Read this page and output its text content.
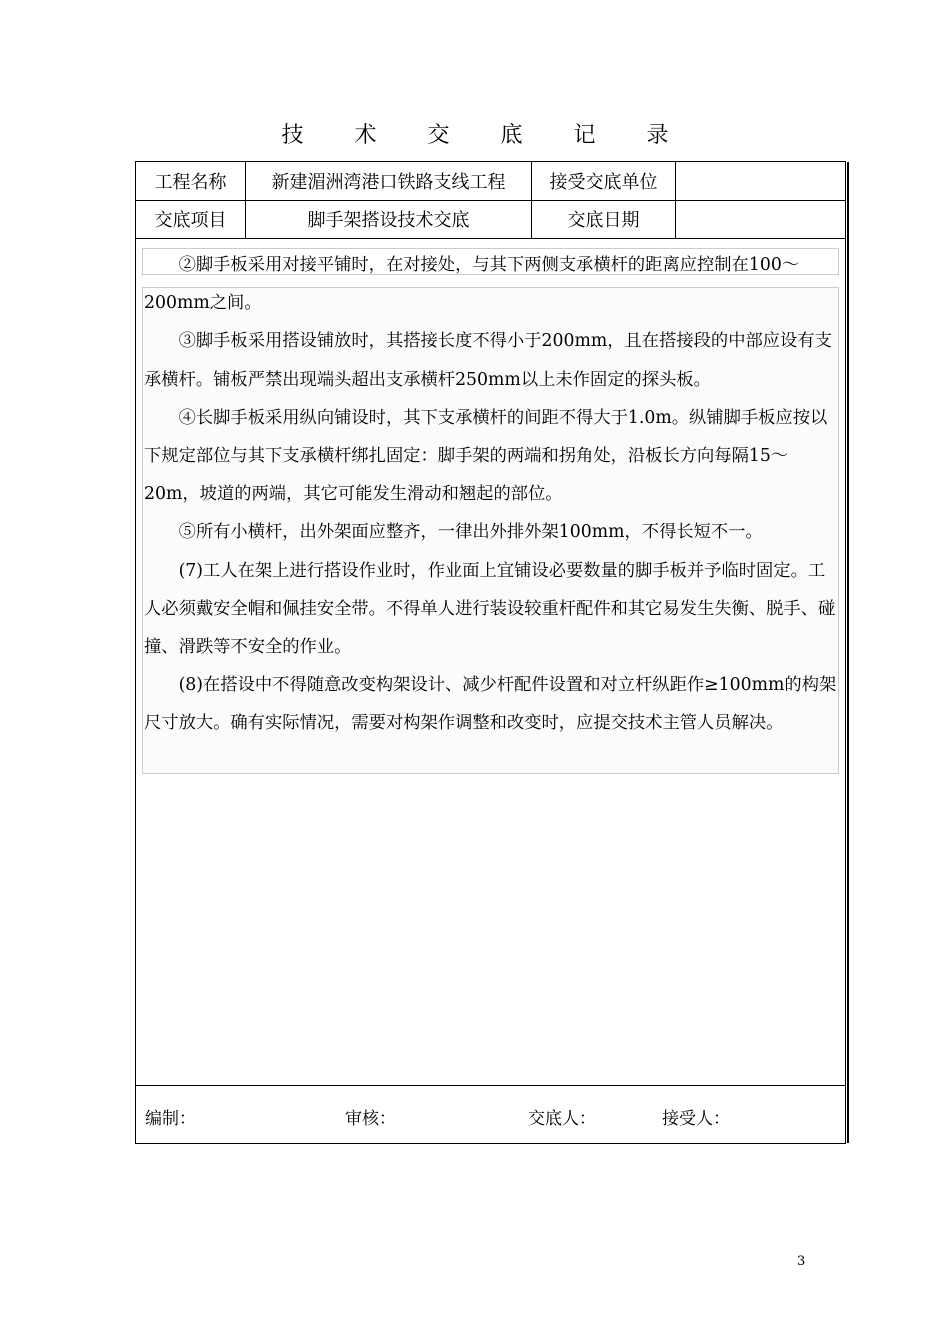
技 术 交 底 记 录
工程名称	新建湄洲湾港口铁路支线工程	接受交底单位
交底项目	脚手架搭设技术交底	交底日期

　　②脚手板采用对接平铺时，在对接处，与其下两侧支承横杆的距离应控制在100～200mm之间。
　　③脚手板采用搭设铺放时，其搭接长度不得小于200mm，且在搭接段的中部应设有支承横杆。铺板严禁出现端头超出支承横杆250mm以上未作固定的探头板。
　　④长脚手板采用纵向铺设时，其下支承横杆的间距不得大于1.0m。纵铺脚手板应按以下规定部位与其下支承横杆绑扎固定：脚手架的两端和拐角处，沿板长方向每隔15～20m，坡道的两端，其它可能发生滑动和翘起的部位。
　　⑤所有小横杆，出外架面应整齐，一律出外排外架100mm，不得长短不一。
　　(7)工人在架上进行搭设作业时，作业面上宜铺设必要数量的脚手板并予临时固定。工人必须戴安全帽和佩挂安全带。不得单人进行装设较重杆配件和其它易发生失衡、脱手、碰撞、滑跌等不安全的作业。
　　(8)在搭设中不得随意改变构架设计、减少杆配件设置和对立杆纵距作≥100mm的构架尺寸放大。确有实际情况，需要对构架作调整和改变时，应提交技术主管人员解决。

编制：	审核：	交底人：	接受人：
3
